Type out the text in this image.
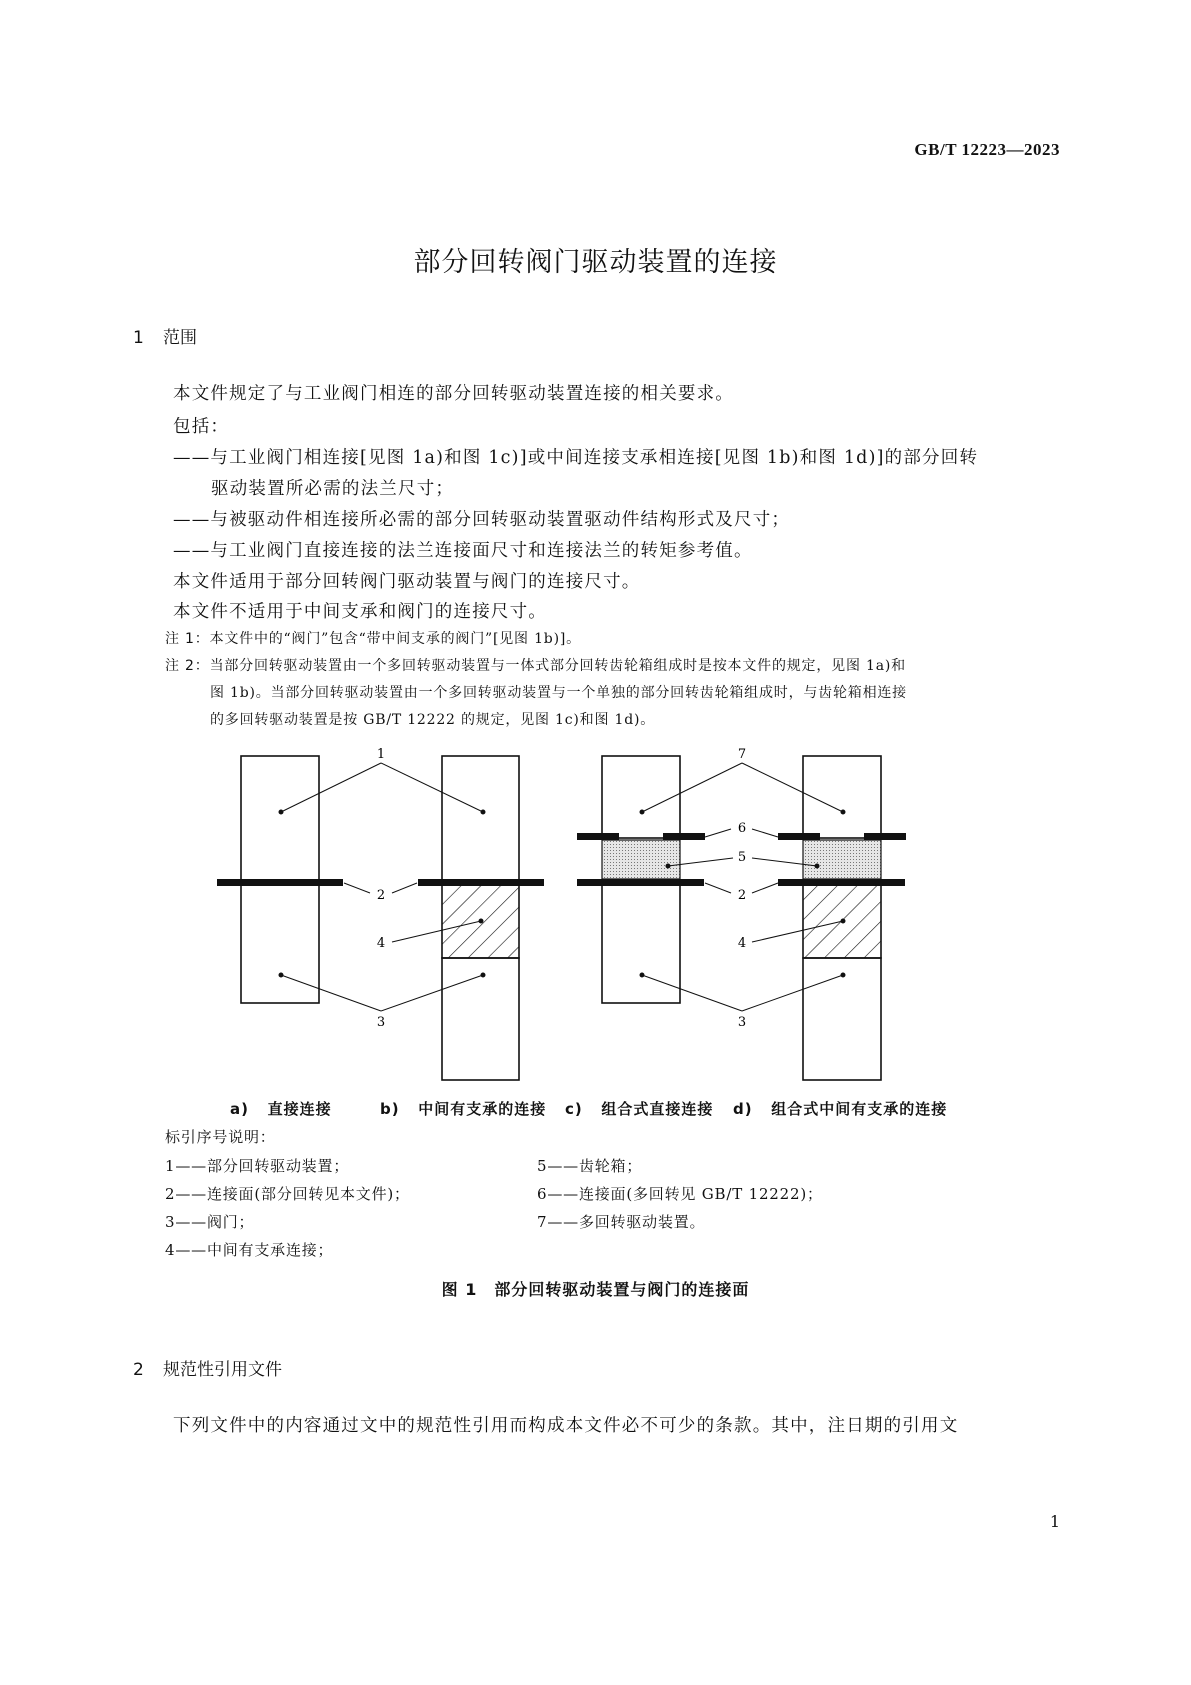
GB/T 12223—2023
部分回转阀门驱动装置的连接
1 范围
本文件规定了与工业阀门相连的部分回转驱动装置连接的相关要求。
包括：
——与工业阀门相连接[见图 1a)和图 1c)]或中间连接支承相连接[见图 1b)和图 1d)]的部分回转
驱动装置所必需的法兰尺寸；
——与被驱动件相连接所必需的部分回转驱动装置驱动件结构形式及尺寸；
——与工业阀门直接连接的法兰连接面尺寸和连接法兰的转矩参考值。
本文件适用于部分回转阀门驱动装置与阀门的连接尺寸。
本文件不适用于中间支承和阀门的连接尺寸。
注 1：本文件中的“阀门”包含“带中间支承的阀门”[见图 1b)]。
注 2：当部分回转驱动装置由一个多回转驱动装置与一体式部分回转齿轮箱组成时是按本文件的规定，见图 1a)和
图 1b)。当部分回转驱动装置由一个多回转驱动装置与一个单独的部分回转齿轮箱组成时，与齿轮箱相连接
的多回转驱动装置是按 GB/T 12222 的规定，见图 1c)和图 1d)。
1
2
4
3
7
6
5
2
4
3
a) 直接连接	b) 中间有支承的连接 c) 组合式直接连接 d) 组合式中间有支承的连接
标引序号说明：
1——部分回转驱动装置；
2——连接面(部分回转见本文件)；
3——阀门；
4——中间有支承连接；
5——齿轮箱；
6——连接面(多回转见 GB/T 12222)；
7——多回转驱动装置。
图 1　部分回转驱动装置与阀门的连接面
2 规范性引用文件
下列文件中的内容通过文中的规范性引用而构成本文件必不可少的条款。其中，注日期的引用文
1
